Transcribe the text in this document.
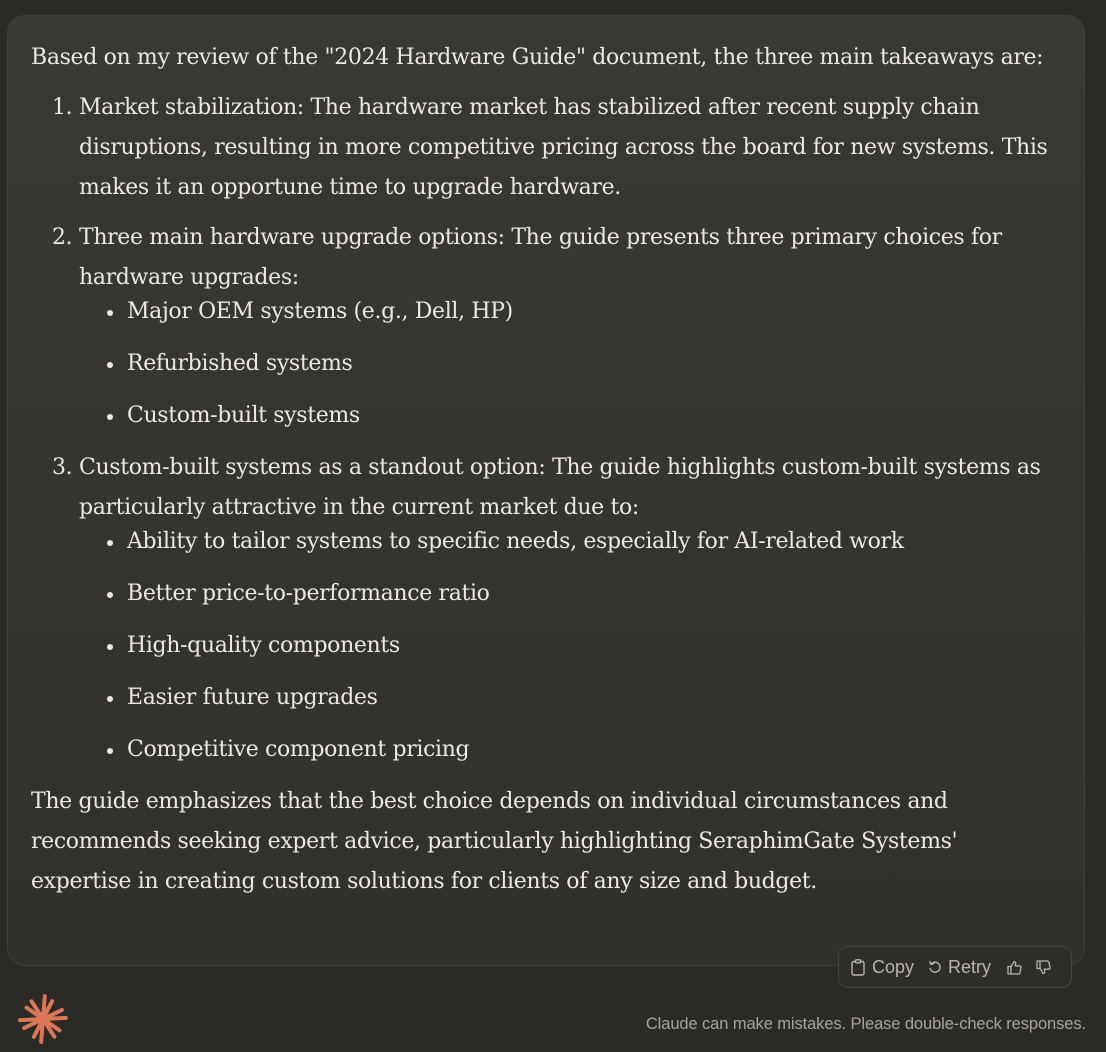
Based on my review of the "2024 Hardware Guide" document, the three main takeaways are:

1. Market stabilization: The hardware market has stabilized after recent supply chain disruptions, resulting in more competitive pricing across the board for new systems. This makes it an opportune time to upgrade hardware.
2. Three main hardware upgrade options: The guide presents three primary choices for hardware upgrades:
Major OEM systems (e.g., Dell, HP)
Refurbished systems
Custom-built systems
3. Custom-built systems as a standout option: The guide highlights custom-built systems as particularly attractive in the current market due to:
Ability to tailor systems to specific needs, especially for AI-related work
Better price-to-performance ratio
High-quality components
Easier future upgrades
Competitive component pricing

The guide emphasizes that the best choice depends on individual circumstances and recommends seeking expert advice, particularly highlighting SeraphimGate Systems' expertise in creating custom solutions for clients of any size and budget.

Copy Retry
Claude can make mistakes. Please double-check responses.
